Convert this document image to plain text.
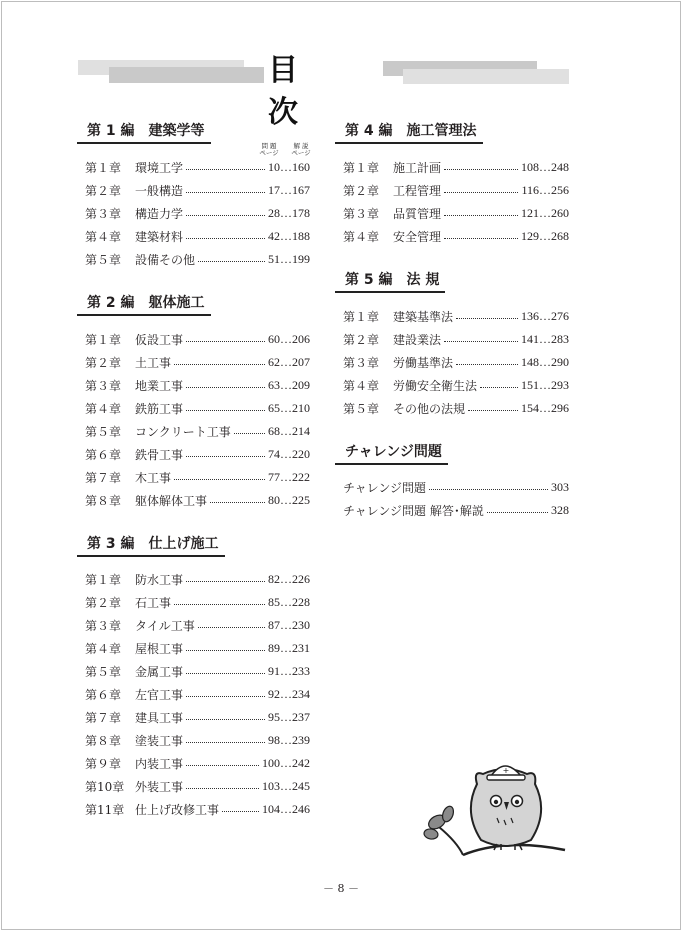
目　次
問 題
ページ
解 説
ページ
第 1 編 建築学等
第 2 編 躯体施工
第 3 編 仕上げ施工
第 4 編 施工管理法
第 5 編 法 規
チャレンジ問題
第１章	環境工学	10…160
第２章	一般構造	17…167
第３章	構造力学	28…178
第４章	建築材料	42…188
第５章	設備その他	51…199
第１章	仮設工事	60…206
第２章	土工事	62…207
第３章	地業工事	63…209
第４章	鉄筋工事	65…210
第５章	コンクリート工事	68…214
第６章	鉄骨工事	74…220
第７章	木工事	77…222
第８章	躯体解体工事	80…225
第１章	防水工事	82…226
第２章	石工事	85…228
第３章	タイル工事	87…230
第４章	屋根工事	89…231
第５章	金属工事	91…233
第６章	左官工事	92…234
第７章	建具工事	95…237
第８章	塗装工事	98…239
第９章	内装工事	100…242
第10章 外装工事	103…245
第11章 仕上げ改修工事	104…246
第１章	施工計画	108…248
第２章	工程管理	116…256
第３章	品質管理	121…260
第４章	安全管理	129…268
第１章	建築基準法	136…276
第２章	建設業法	141…283
第３章	労働基準法	148…290
第４章	労働安全衛生法	151…293
第５章	その他の法規	154…296
チャレンジ問題	303
チャレンジ問題 解答･解説	328
－ 8 －
+
